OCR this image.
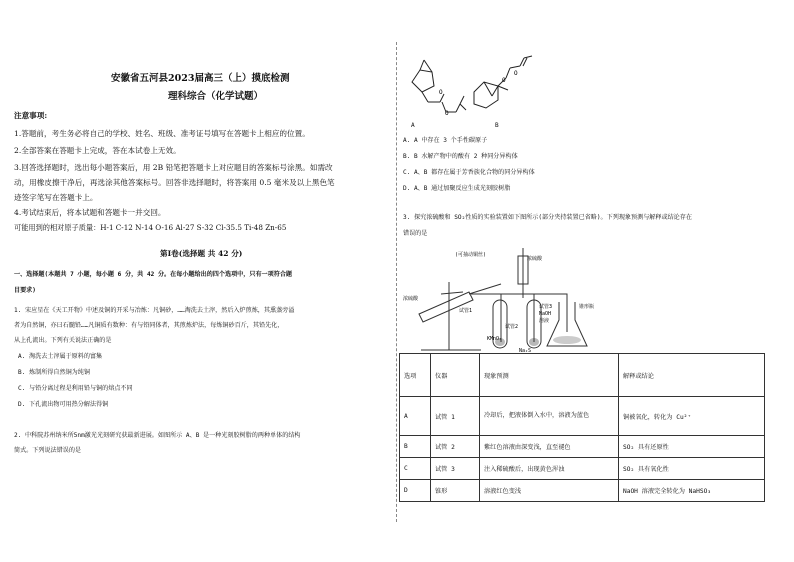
安徽省五河县2023届高三（上）摸底检测
理科综合（化学试题）
注意事项:
1.答题前，考生务必将自己的学校、姓名、班级、准考证号填写在答题卡上相应的位置。
2.全部答案在答题卡上完成，答在本试卷上无效。
3.回答选择题时，选出每小题答案后，用 2B 铅笔把答题卡上对应题目的答案标号涂黑。如需改
动，用橡皮擦干净后，再选涂其他答案标号。回答非选择题时，将答案用 0.5 毫米及以上黑色笔
迹签字笔写在答题卡上。
4.考试结束后，将本试题和答题卡一并交回。
可能用到的相对原子质量：H-1 C-12 N-14 O-16 Al-27 S-32 Cl-35.5 Ti-48 Zn-65
第Ⅰ卷(选择题 共 42 分)
一、选择题(本题共 7 小题，每小题 6 分，共 42 分。在每小题给出的四个选项中，只有一项符合题
目要求)
1. 宋应星在《天工开物》中述及铜的开采与冶炼：凡铜砂，……淘洗去土滓，然后入炉煎炼，其熏蒸旁溢
者为自然铜，亦曰石髓铅……凡铜质有数种：有与铅同体者，其煎炼炉法，每炼铜砂百斤，其铅先化，
从上孔流出。下列有关说法正确的是
A. 淘洗去土滓属于原料的富集
B. 炼制所得自然铜为纯铜
C. 与铅分离过程是利用铅与铜的熔点不同
D. 下孔流出物可用热分解法得铜
2. 中科院苏州纳米所5nm激光光刻研究获最新进展。如图所示 A、B 是一种光刻胶树脂的两种单体的结构
简式。下列说法错误的是
O
O
A
O
O
B
A. A 中存在 3 个手性碳原子
B. B 水解产物中的酸有 2 种同分异构体
C. A、B 都存在属于芳香族化合物的同分异构体
D. A、B 通过加聚反应生成光刻胶树脂
3. 探究浓硫酸和 SO₂性质的实验装置如下图所示(部分夹持装置已省略)。下列现象预测与解释或结论存在
错误的是
(可抽动铜丝)
浓硫酸
试管1
试管2
试管3
NaOH
溶液
KMnO₄
Na₂S
锥形瓶
浓硫酸
选项	仪器	现象预测	解释或结论
A	试管 1	冷却后，把液体倒入水中，溶液为蓝色	铜被氧化，转化为 Cu²⁺
B	试管 2	紫红色溶液由深变浅，直至褪色	SO₂ 具有还原性
C	试管 3	注入稀硫酸后，出现黄色浑浊	SO₂ 具有氧化性
D	锥形	溶液红色变浅	NaOH 溶液完全转化为 NaHSO₃
